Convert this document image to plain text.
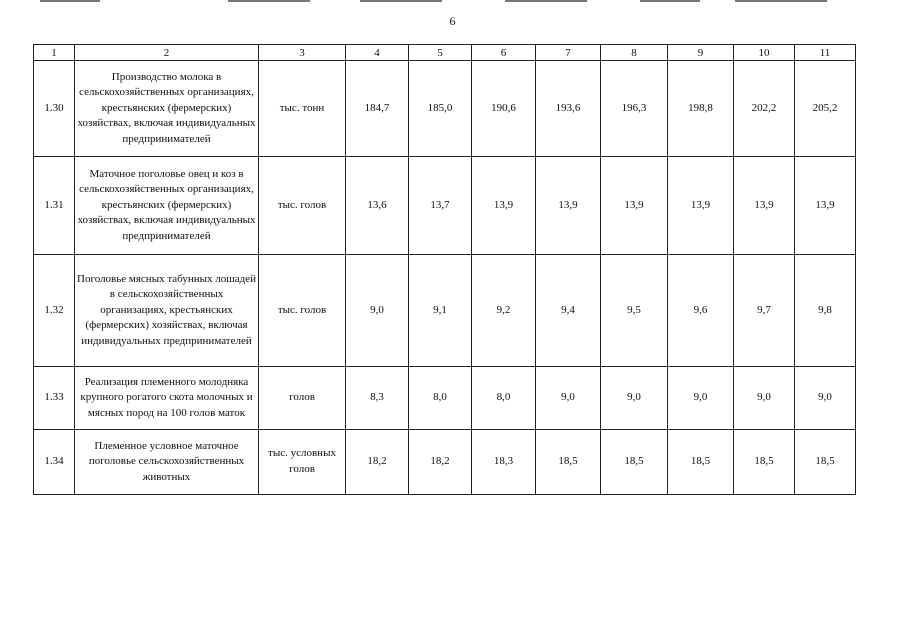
6
1	2	3	4	5	6	7	8	9	10	11
1.30	Производство молока в сельскохозяйственных организациях, крестьянских (фермерских) хозяйствах, включая индивидуальных предпринимателей	тыс. тонн	184,7	185,0	190,6	193,6	196,3	198,8	202,2	205,2
1.31	Маточное поголовье овец и коз в сельскохозяйственных организациях, крестьянских (фермерских) хозяйствах, включая индивидуальных предпринимателей	тыс. голов	13,6	13,7	13,9	13,9	13,9	13,9	13,9	13,9
1.32	Поголовье мясных табунных лошадей в сельскохозяйственных организациях, крестьянских (фермерских) хозяйствах, включая индивидуальных предпринимателей	тыс. голов	9,0	9,1	9,2	9,4	9,5	9,6	9,7	9,8
1.33	Реализация племенного молодняка крупного рогатого скота молочных и мясных пород на 100 голов маток	голов	8,3	8,0	8,0	9,0	9,0	9,0	9,0	9,0
1.34	Племенное условное маточное поголовье сельскохозяйственных животных	тыс. условных голов	18,2	18,2	18,3	18,5	18,5	18,5	18,5	18,5
